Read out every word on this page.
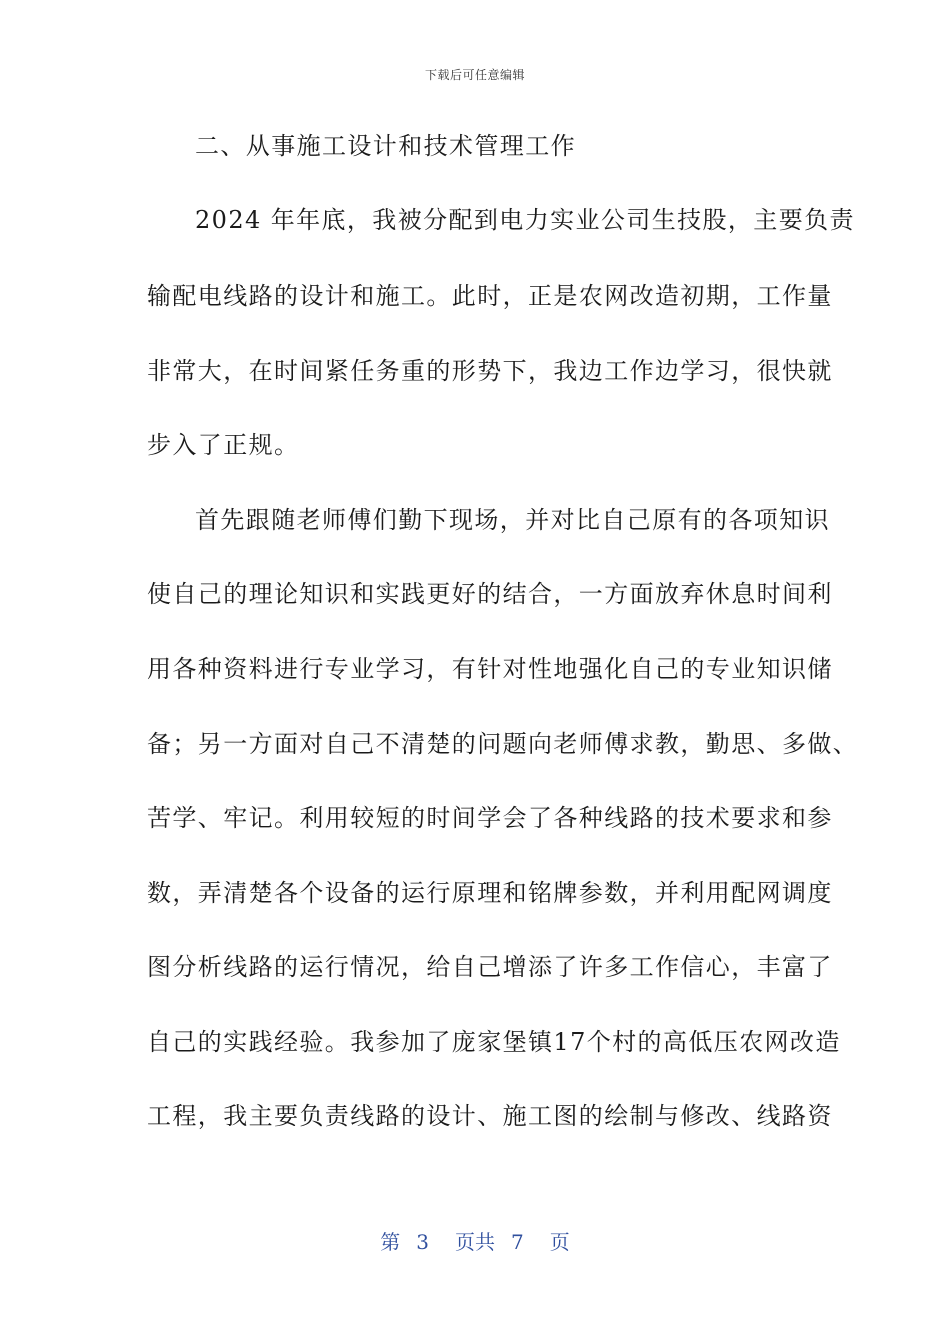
下载后可任意编辑
二、从事施工设计和技术管理工作
2024 年年底，我被分配到电力实业公司生技股，主要负责
输配电线路的设计和施工。此时，正是农网改造初期，工作量
非常大，在时间紧任务重的形势下，我边工作边学习，很快就
步入了正规。
首先跟随老师傅们勤下现场，并对比自己原有的各项知识
使自己的理论知识和实践更好的结合，一方面放弃休息时间利
用各种资料进行专业学习，有针对性地强化自己的专业知识储
备；另一方面对自己不清楚的问题向老师傅求教，勤思、多做、
苦学、牢记。利用较短的时间学会了各种线路的技术要求和参
数，弄清楚各个设备的运行原理和铭牌参数，并利用配网调度
图分析线路的运行情况，给自己增添了许多工作信心，丰富了
自己的实践经验。我参加了庞家堡镇17个村的高低压农网改造
工程，我主要负责线路的设计、施工图的绘制与修改、线路资
第 3 页共 7 页
